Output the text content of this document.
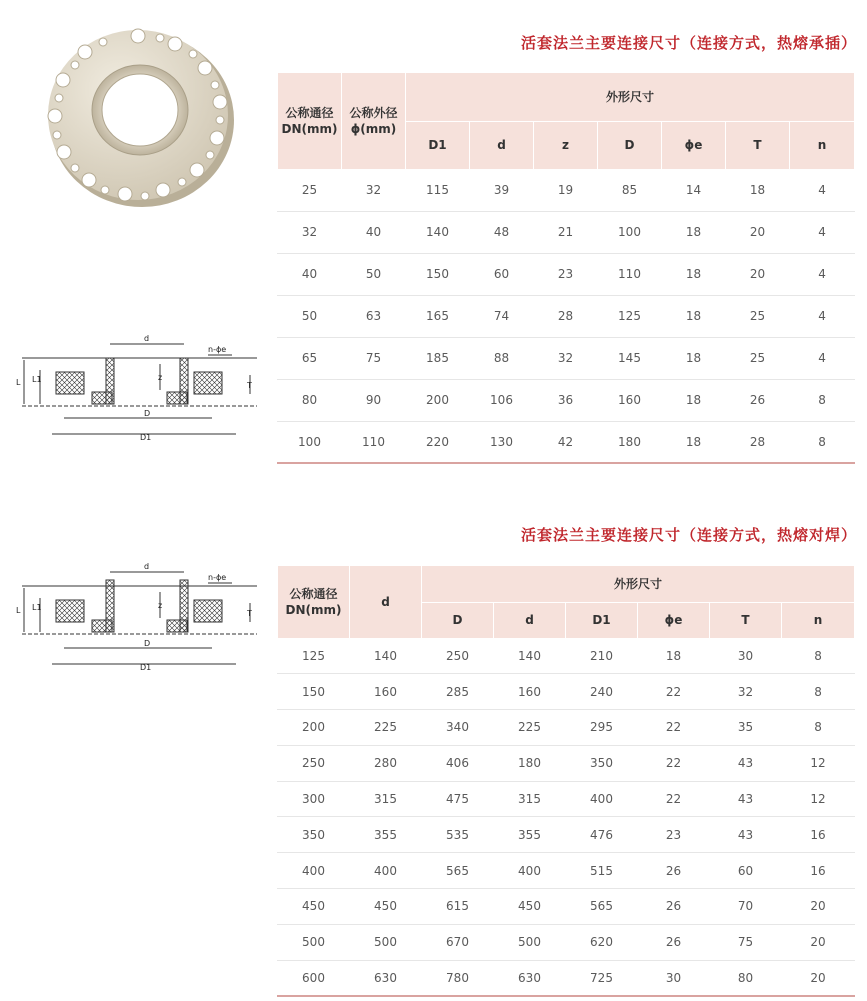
活套法兰主要连接尺寸（连接方式，热熔承插）
公称通径 DN(mm)	公称外径 ϕ(mm)	外形尺寸						
		D1	d	z	D	ϕe	T	n
25	32	115	39	19	85	14	18	4
32	40	140	48	21	100	18	20	4
40	50	150	60	23	110	18	20	4
50	63	165	74	28	125	18	25	4
65	75	185	88	32	145	18	25	4
80	90	200	106	36	160	18	26	8
100	110	220	130	42	180	18	28	8
d
n-ϕe
L L1	z
T
D
D1
活套法兰主要连接尺寸（连接方式，热熔对焊）
公称通径 DN(mm)	d	外形尺寸					
		D	d	D1	ϕe	T	n
125	140	250	140	210	18	30	8
150	160	285	160	240	22	32	8
200	225	340	225	295	22	35	8
250	280	406	180	350	22	43	12
300	315	475	315	400	22	43	12
350	355	535	355	476	23	43	16
400	400	565	400	515	26	60	16
450	450	615	450	565	26	70	20
500	500	670	500	620	26	75	20
600	630	780	630	725	30	80	20
d
n-ϕe
L L1	z
T
D
D1
